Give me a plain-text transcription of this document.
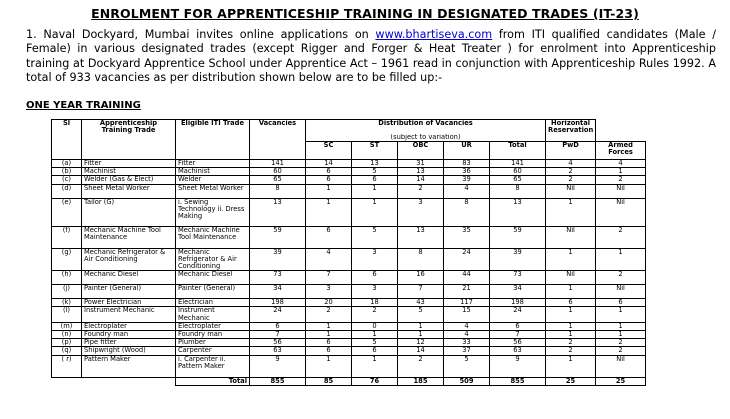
ENROLMENT FOR APPRENTICESHIP TRAINING IN DESIGNATED TRADES (IT-23)
1. Naval Dockyard, Mumbai invites online applications on www.bhartiseva.com from ITI qualified candidates (Male / Female) in various designated trades (except Rigger and Forger & Heat Treater ) for enrolment into Apprenticeship training at Dockyard Apprentice School under Apprentice Act – 1961 read in conjunction with Apprenticeship Rules 1992. A total of 933 vacancies as per distribution shown below are to be filled up:-
ONE YEAR TRAINING
Sl	Apprenticeship Training Trade	Eligible ITI Trade	Vacancies	Distribution of Vacancies					Horizontal Reservation
				(subject to variation)						
				SC	ST	OBC	UR	Total	PwD	Armed Forces
(a)	Fitter	Fitter	141	14	13	31	83	141	4	4
(b)	Machinist	Machinist	60	6	5	13	36	60	2	1
(c)	Welder (Gas & Elect)	Welder	65	6	6	14	39	65	2	2
(d)	Sheet Metal Worker	Sheet Metal Worker	8	1	1	2	4	8	Nil	Nil
(e)	Tailor (G)	i. Sewing Technology ii. Dress Making	13	1	1	3	8	13	1	Nil
(f)	Mechanic Machine Tool Maintenance	Mechanic Machine Tool Maintenance	59	6	5	13	35	59	Nil	2
(g)	Mechanic Refrigerator & Air Conditioning	Mechanic Refrigerator & Air Conditioning	39	4	3	8	24	39	1	1
(h)	Mechanic Diesel	Mechanic Diesel	73	7	6	16	44	73	Nil	2
(j)	Painter (General)	Painter (General)	34	3	3	7	21	34	1	Nil
(k)	Power Electrician	Electrician	198	20	18	43	117	198	6	6
(l)	Instrument Mechanic	Instrument Mechanic	24	2	2	5	15	24	1	1
(m)	Electroplater	Electroplater	6	1	0	1	4	6	1	1
(n)	Foundry man	Foundry man	7	1	1	1	4	7	1	1
(p)	Pipe fitter	Plumber	56	6	5	12	33	56	2	2
(q)	Shipwright (Wood)	Carpenter	63	6	6	14	37	63	2	2
( r)	Pattern Maker	i. Carpenter ii. Pattern Maker	9	1	1	2	5	9	1	Nil
		Total	855	85	76	185	509	855	25	25
